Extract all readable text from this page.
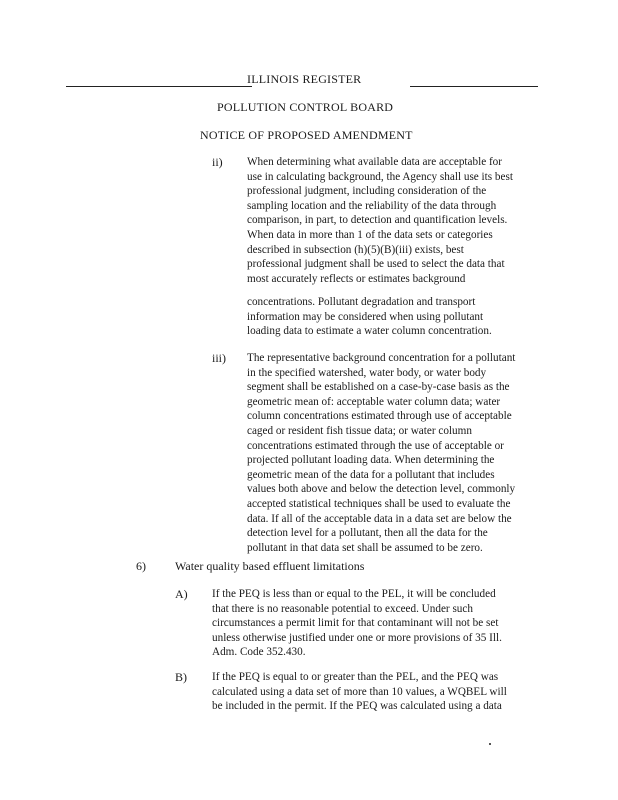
ILLINOIS REGISTER
POLLUTION CONTROL BOARD
NOTICE OF PROPOSED AMENDMENT
ii) When determining what available data are acceptable for
use in calculating background, the Agency shall use its best
professional judgment, including consideration of the
sampling location and the reliability of the data through
comparison, in part, to detection and quantification levels.
When data in more than 1 of the data sets or categories
described in subsection (h)(5)(B)(iii) exists, best
professional judgment shall be used to select the data that
most accurately reflects or estimates background
concentrations. Pollutant degradation and transport
information may be considered when using pollutant
loading data to estimate a water column concentration.
iii) The representative background concentration for a pollutant
in the specified watershed, water body, or water body
segment shall be established on a case-by-case basis as the
geometric mean of: acceptable water column data; water
column concentrations estimated through use of acceptable
caged or resident fish tissue data; or water column
concentrations estimated through the use of acceptable or
projected pollutant loading data. When determining the
geometric mean of the data for a pollutant that includes
values both above and below the detection level, commonly
accepted statistical techniques shall be used to evaluate the
data. If all of the acceptable data in a data set are below the
detection level for a pollutant, then all the data for the
pollutant in that data set shall be assumed to be zero.
6) Water quality based effluent limitations
A) If the PEQ is less than or equal to the PEL, it will be concluded
that there is no reasonable potential to exceed. Under such
circumstances a permit limit for that contaminant will not be set
unless otherwise justified under one or more provisions of 35 Ill.
Adm. Code 352.430.
B) If the PEQ is equal to or greater than the PEL, and the PEQ was
calculated using a data set of more than 10 values, a WQBEL will
be included in the permit. If the PEQ was calculated using a data
